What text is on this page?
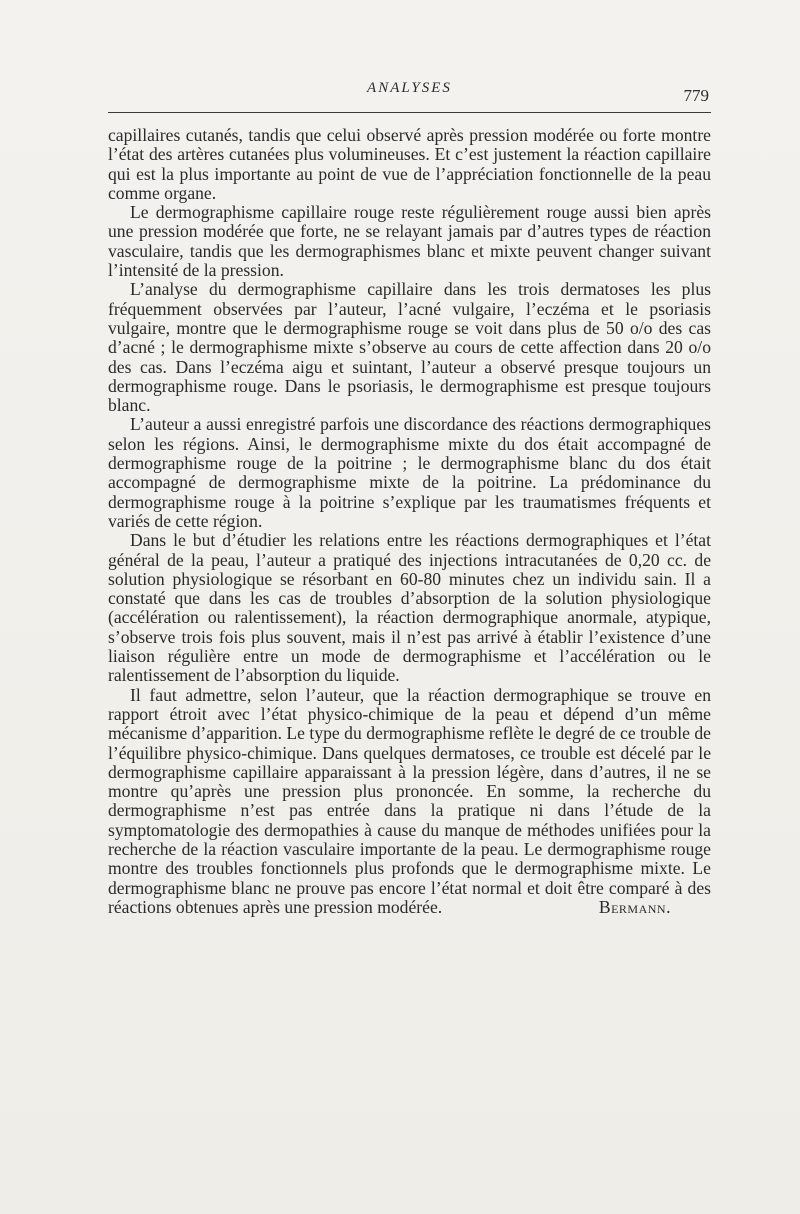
ANALYSES	779

capillaires cutanés, tandis que celui observé après pression modérée ou forte montre l’état des artères cutanées plus volumineuses. Et c’est justement la réaction capillaire qui est la plus importante au point de vue de l’appréciation fonctionnelle de la peau comme organe.

Le dermographisme capillaire rouge reste régulièrement rouge aussi bien après une pression modérée que forte, ne se relayant jamais par d’autres types de réaction vasculaire, tandis que les dermographismes blanc et mixte peuvent changer suivant l’intensité de la pression.

L’analyse du dermographisme capillaire dans les trois dermatoses les plus fréquemment observées par l’auteur, l’acné vulgaire, l’eczéma et le psoriasis vulgaire, montre que le dermographisme rouge se voit dans plus de 50 o/o des cas d’acné ; le dermographisme mixte s’observe au cours de cette affection dans 20 o/o des cas. Dans l’eczéma aigu et suintant, l’auteur a observé presque toujours un dermographisme rouge. Dans le psoriasis, le dermographisme est presque toujours blanc.

L’auteur a aussi enregistré parfois une discordance des réactions dermographiques selon les régions. Ainsi, le dermographisme mixte du dos était accompagné de dermographisme rouge de la poitrine ; le dermographisme blanc du dos était accompagné de dermographisme mixte de la poitrine. La prédominance du dermographisme rouge à la poitrine s’explique par les traumatismes fréquents et variés de cette région.

Dans le but d’étudier les relations entre les réactions dermographiques et l’état général de la peau, l’auteur a pratiqué des injections intracutanées de 0,20 cc. de solution physiologique se résorbant en 60-80 minutes chez un individu sain. Il a constaté que dans les cas de troubles d’absorption de la solution physiologique (accélération ou ralentissement), la réaction dermographique anormale, atypique, s’observe trois fois plus souvent, mais il n’est pas arrivé à établir l’existence d’une liaison régulière entre un mode de dermographisme et l’accélération ou le ralentissement de l’absorption du liquide.

Il faut admettre, selon l’auteur, que la réaction dermographique se trouve en rapport étroit avec l’état physico-chimique de la peau et dépend d’un même mécanisme d’apparition. Le type du dermographisme reflète le degré de ce trouble de l’équilibre physico-chimique. Dans quelques dermatoses, ce trouble est décelé par le dermographisme capillaire apparaissant à la pression légère, dans d’autres, il ne se montre qu’après une pression plus prononcée. En somme, la recherche du dermographisme n’est pas entrée dans la pratique ni dans l’étude de la symptomatologie des dermopathies à cause du manque de méthodes unifiées pour la recherche de la réaction vasculaire importante de la peau. Le dermographisme rouge montre des troubles fonctionnels plus profonds que le dermographisme mixte. Le dermographisme blanc ne prouve pas encore l’état normal et doit être comparé à des réactions obtenues après une pression modérée.	Bermann.
